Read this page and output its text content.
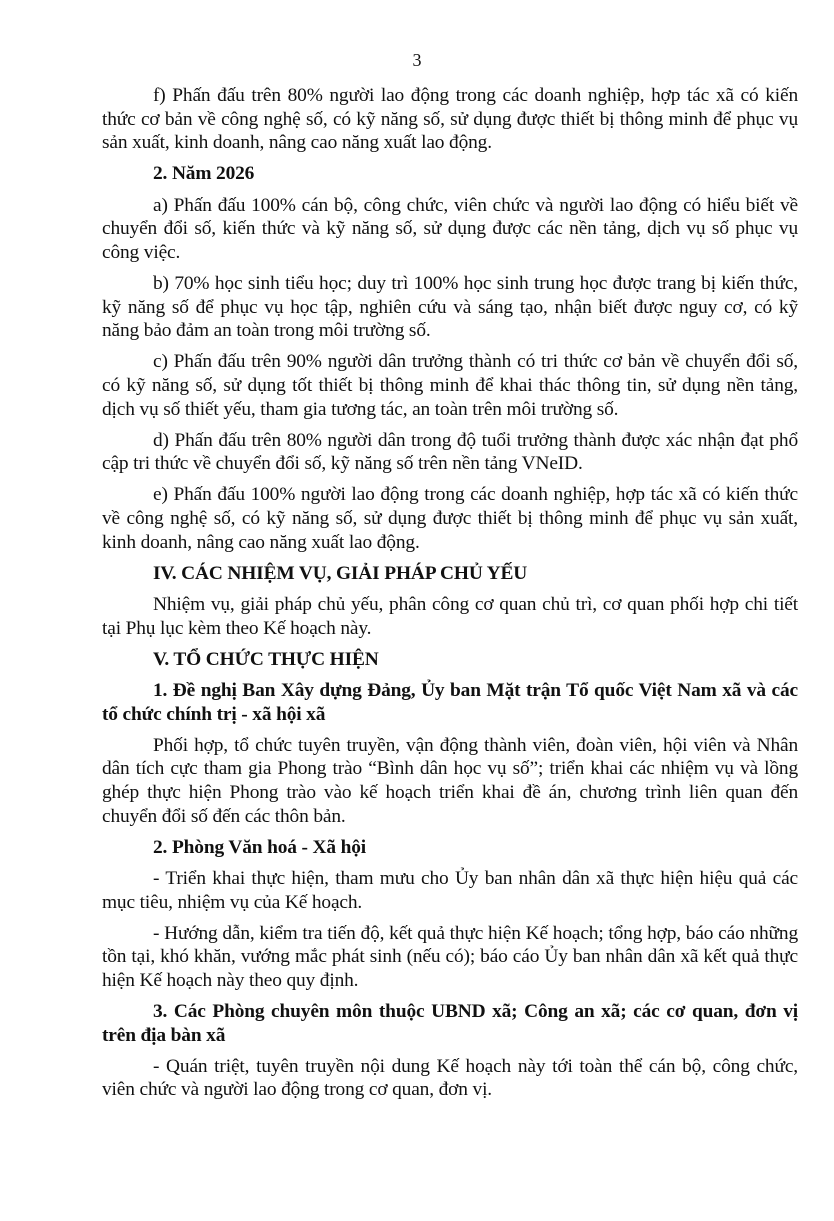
3

f) Phấn đấu trên 80% người lao động trong các doanh nghiệp, hợp tác xã có kiến thức cơ bản về công nghệ số, có kỹ năng số, sử dụng được thiết bị thông minh để phục vụ sản xuất, kinh doanh, nâng cao năng xuất lao động.

2. Năm 2026

a) Phấn đấu 100% cán bộ, công chức, viên chức và người lao động có hiểu biết về chuyển đổi số, kiến thức và kỹ năng số, sử dụng được các nền tảng, dịch vụ số phục vụ công việc.

b) 70% học sinh tiểu học; duy trì 100% học sinh trung học được trang bị kiến thức, kỹ năng số để phục vụ học tập, nghiên cứu và sáng tạo, nhận biết được nguy cơ, có kỹ năng bảo đảm an toàn trong môi trường số.

c) Phấn đấu trên 90% người dân trưởng thành có tri thức cơ bản về chuyển đổi số, có kỹ năng số, sử dụng tốt thiết bị thông minh để khai thác thông tin, sử dụng nền tảng, dịch vụ số thiết yếu, tham gia tương tác, an toàn trên môi trường số.

d) Phấn đấu trên 80% người dân trong độ tuổi trưởng thành được xác nhận đạt phổ cập tri thức về chuyển đổi số, kỹ năng số trên nền tảng VNeID.

e) Phấn đấu 100% người lao động trong các doanh nghiệp, hợp tác xã có kiến thức về công nghệ số, có kỹ năng số, sử dụng được thiết bị thông minh để phục vụ sản xuất, kinh doanh, nâng cao năng xuất lao động.

IV. CÁC NHIỆM VỤ, GIẢI PHÁP CHỦ YẾU

Nhiệm vụ, giải pháp chủ yếu, phân công cơ quan chủ trì, cơ quan phối hợp chi tiết tại Phụ lục kèm theo Kế hoạch này.

V. TỔ CHỨC THỰC HIỆN

1. Đề nghị Ban Xây dựng Đảng, Ủy ban Mặt trận Tổ quốc Việt Nam xã và các tổ chức chính trị - xã hội xã

Phối hợp, tổ chức tuyên truyền, vận động thành viên, đoàn viên, hội viên và Nhân dân tích cực tham gia Phong trào “Bình dân học vụ số”; triển khai các nhiệm vụ và lồng ghép thực hiện Phong trào vào kế hoạch triển khai đề án, chương trình liên quan đến chuyển đổi số đến các thôn bản.

2. Phòng Văn hoá - Xã hội

- Triển khai thực hiện, tham mưu cho Ủy ban nhân dân xã thực hiện hiệu quả các mục tiêu, nhiệm vụ của Kế hoạch.

- Hướng dẫn, kiểm tra tiến độ, kết quả thực hiện Kế hoạch; tổng hợp, báo cáo những tồn tại, khó khăn, vướng mắc phát sinh (nếu có); báo cáo Ủy ban nhân dân xã kết quả thực hiện Kế hoạch này theo quy định.

3. Các Phòng chuyên môn thuộc UBND xã; Công an xã; các cơ quan, đơn vị trên địa bàn xã

- Quán triệt, tuyên truyền nội dung Kế hoạch này tới toàn thể cán bộ, công chức, viên chức và người lao động trong cơ quan, đơn vị.
